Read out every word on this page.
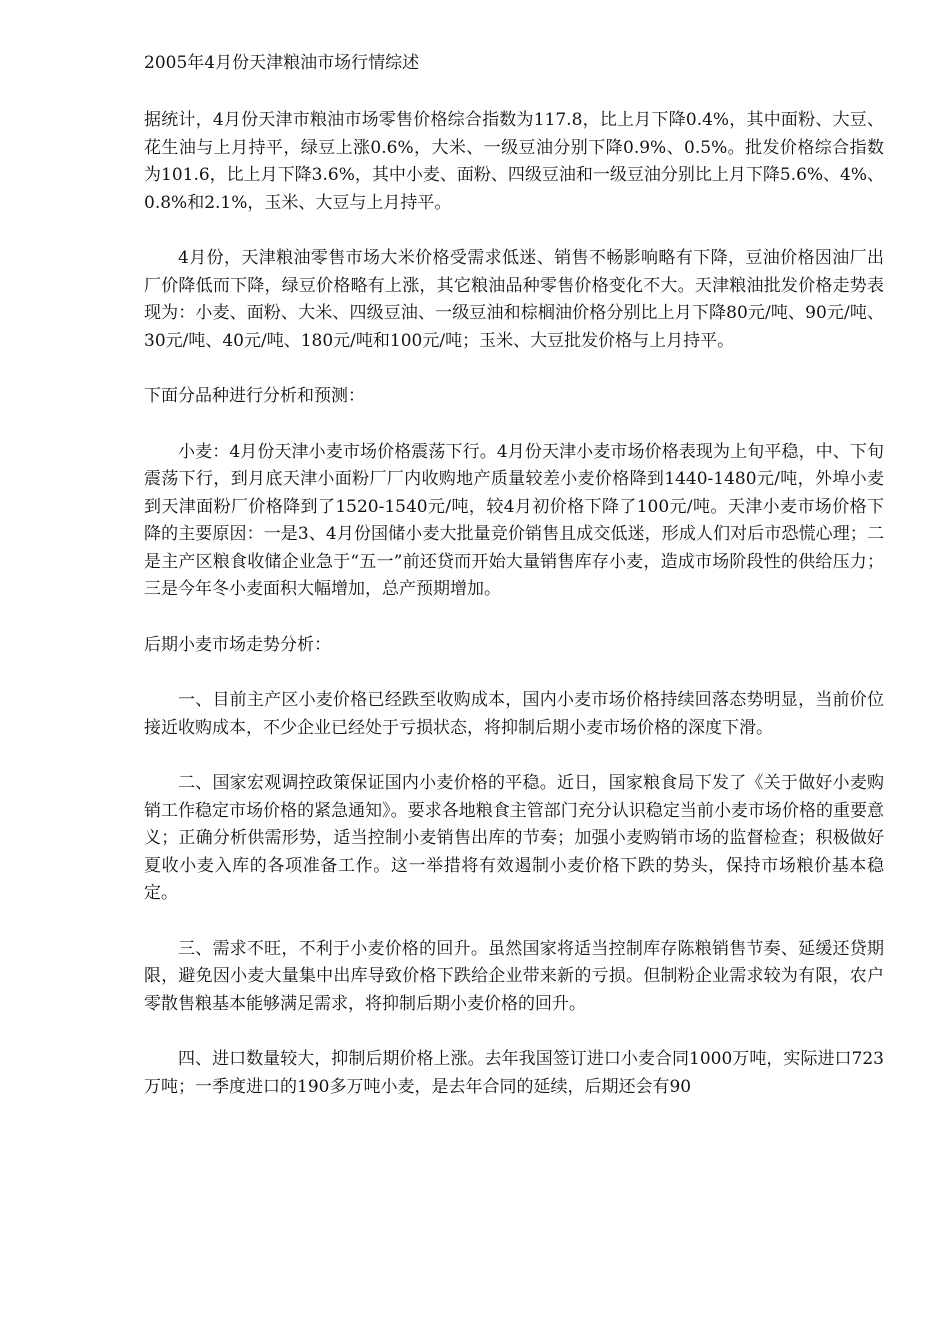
2005年4月份天津粮油市场行情综述

据统计，4月份天津市粮油市场零售价格综合指数为117.8，比上月下降0.4%，其中面粉、大豆、花生油与上月持平，绿豆上涨0.6%，大米、一级豆油分别下降0.9%、0.5%。批发价格综合指数为101.6，比上月下降3.6%，其中小麦、面粉、四级豆油和一级豆油分别比上月下降5.6%、4%、0.8%和2.1%，玉米、大豆与上月持平。

4月份，天津粮油零售市场大米价格受需求低迷、销售不畅影响略有下降，豆油价格因油厂出厂价降低而下降，绿豆价格略有上涨，其它粮油品种零售价格变化不大。天津粮油批发价格走势表现为：小麦、面粉、大米、四级豆油、一级豆油和棕榈油价格分别比上月下降80元/吨、90元/吨、30元/吨、40元/吨、180元/吨和100元/吨；玉米、大豆批发价格与上月持平。

下面分品种进行分析和预测：

小麦：4月份天津小麦市场价格震荡下行。4月份天津小麦市场价格表现为上旬平稳，中、下旬震荡下行，到月底天津小面粉厂厂内收购地产质量较差小麦价格降到1440-1480元/吨，外埠小麦到天津面粉厂价格降到了1520-1540元/吨，较4月初价格下降了100元/吨。天津小麦市场价格下降的主要原因：一是3、4月份国储小麦大批量竞价销售且成交低迷，形成人们对后市恐慌心理；二是主产区粮食收储企业急于“五一”前还贷而开始大量销售库存小麦，造成市场阶段性的供给压力；三是今年冬小麦面积大幅增加，总产预期增加。

后期小麦市场走势分析：

一、目前主产区小麦价格已经跌至收购成本，国内小麦市场价格持续回落态势明显，当前价位接近收购成本，不少企业已经处于亏损状态，将抑制后期小麦市场价格的深度下滑。

二、国家宏观调控政策保证国内小麦价格的平稳。近日，国家粮食局下发了《关于做好小麦购销工作稳定市场价格的紧急通知》。要求各地粮食主管部门充分认识稳定当前小麦市场价格的重要意义；正确分析供需形势，适当控制小麦销售出库的节奏；加强小麦购销市场的监督检查；积极做好夏收小麦入库的各项准备工作。这一举措将有效遏制小麦价格下跌的势头，保持市场粮价基本稳定。

三、需求不旺，不利于小麦价格的回升。虽然国家将适当控制库存陈粮销售节奏、延缓还贷期限，避免因小麦大量集中出库导致价格下跌给企业带来新的亏损。但制粉企业需求较为有限，农户零散售粮基本能够满足需求，将抑制后期小麦价格的回升。

四、进口数量较大，抑制后期价格上涨。去年我国签订进口小麦合同1000万吨，实际进口723万吨；一季度进口的190多万吨小麦，是去年合同的延续，后期还会有90
